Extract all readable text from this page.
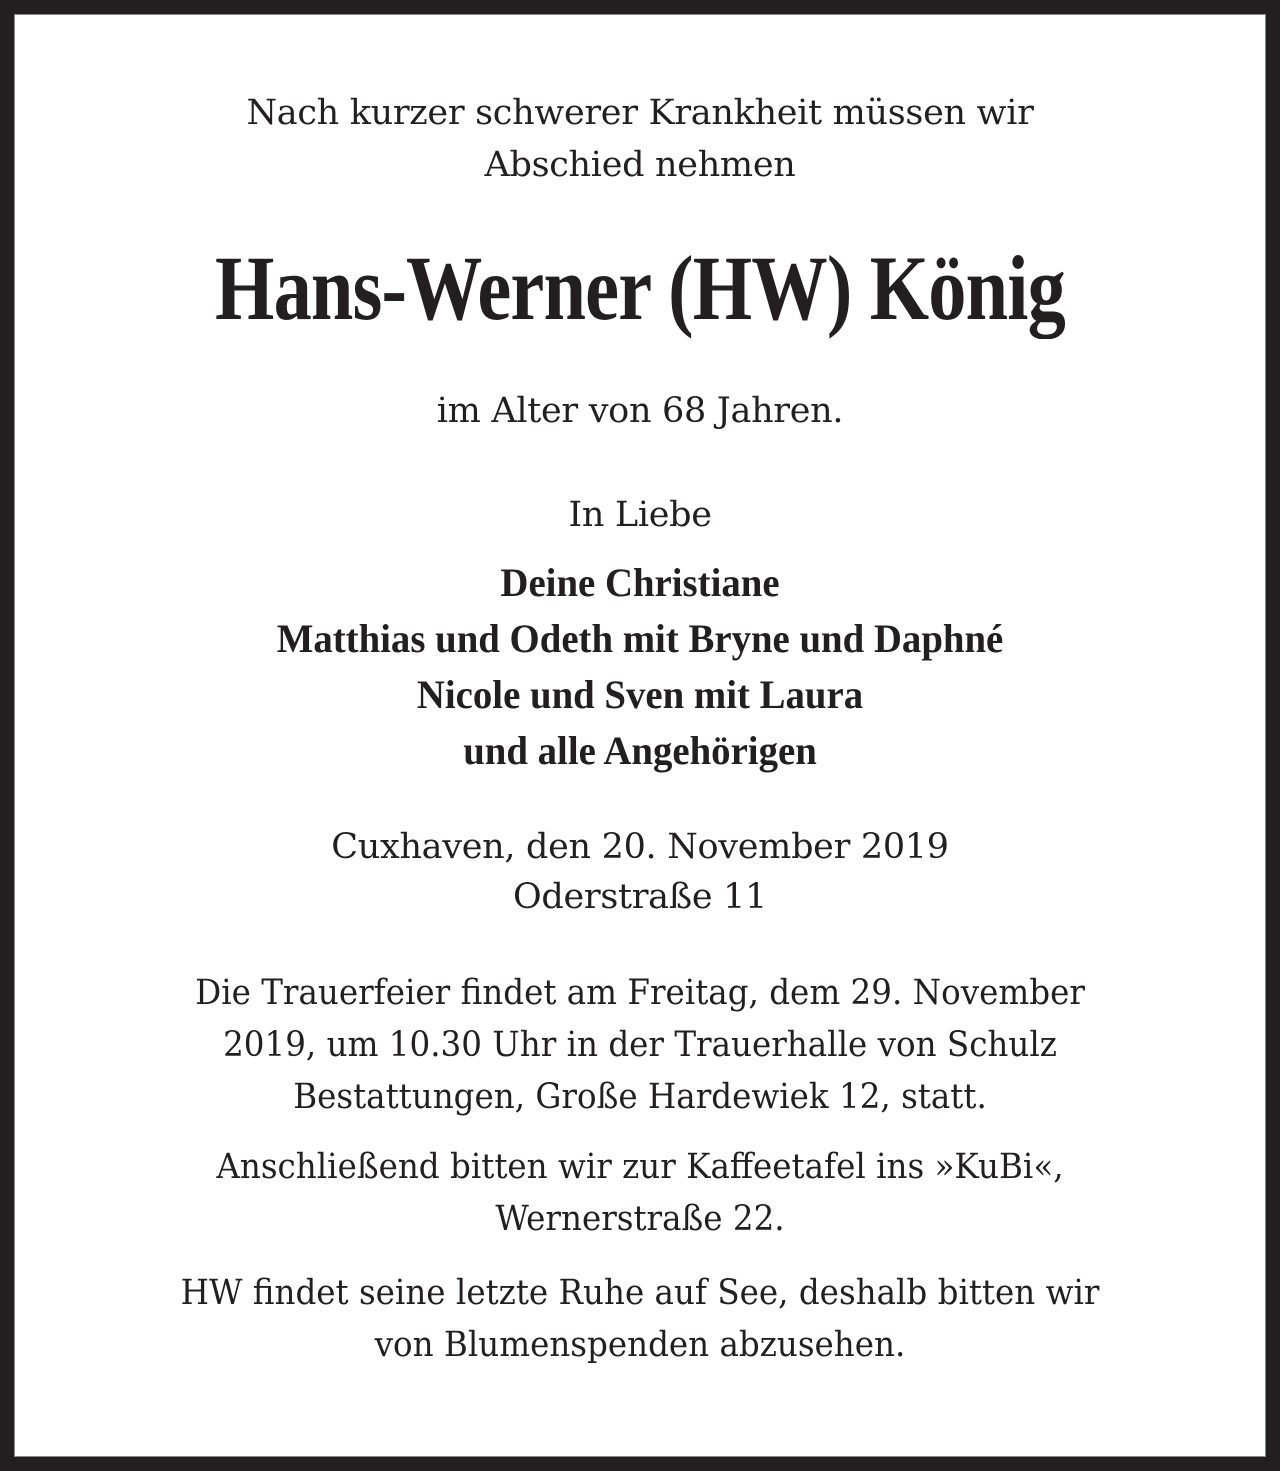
Nach kurzer schwerer Krankheit müssen wir
Abschied nehmen
Hans-Werner (HW) König
im Alter von 68 Jahren.
In Liebe
Deine Christiane
Matthias und Odeth mit Bryne und Daphné
Nicole und Sven mit Laura
und alle Angehörigen
Cuxhaven, den 20. November 2019
Oderstraße 11
Die Trauerfeier findet am Freitag, dem 29. November
2019, um 10.30 Uhr in der Trauerhalle von Schulz
Bestattungen, Große Hardewiek 12, statt.
Anschließend bitten wir zur Kaffeetafel ins »KuBi«,
Wernerstraße 22.
HW findet seine letzte Ruhe auf See, deshalb bitten wir
von Blumenspenden abzusehen.
